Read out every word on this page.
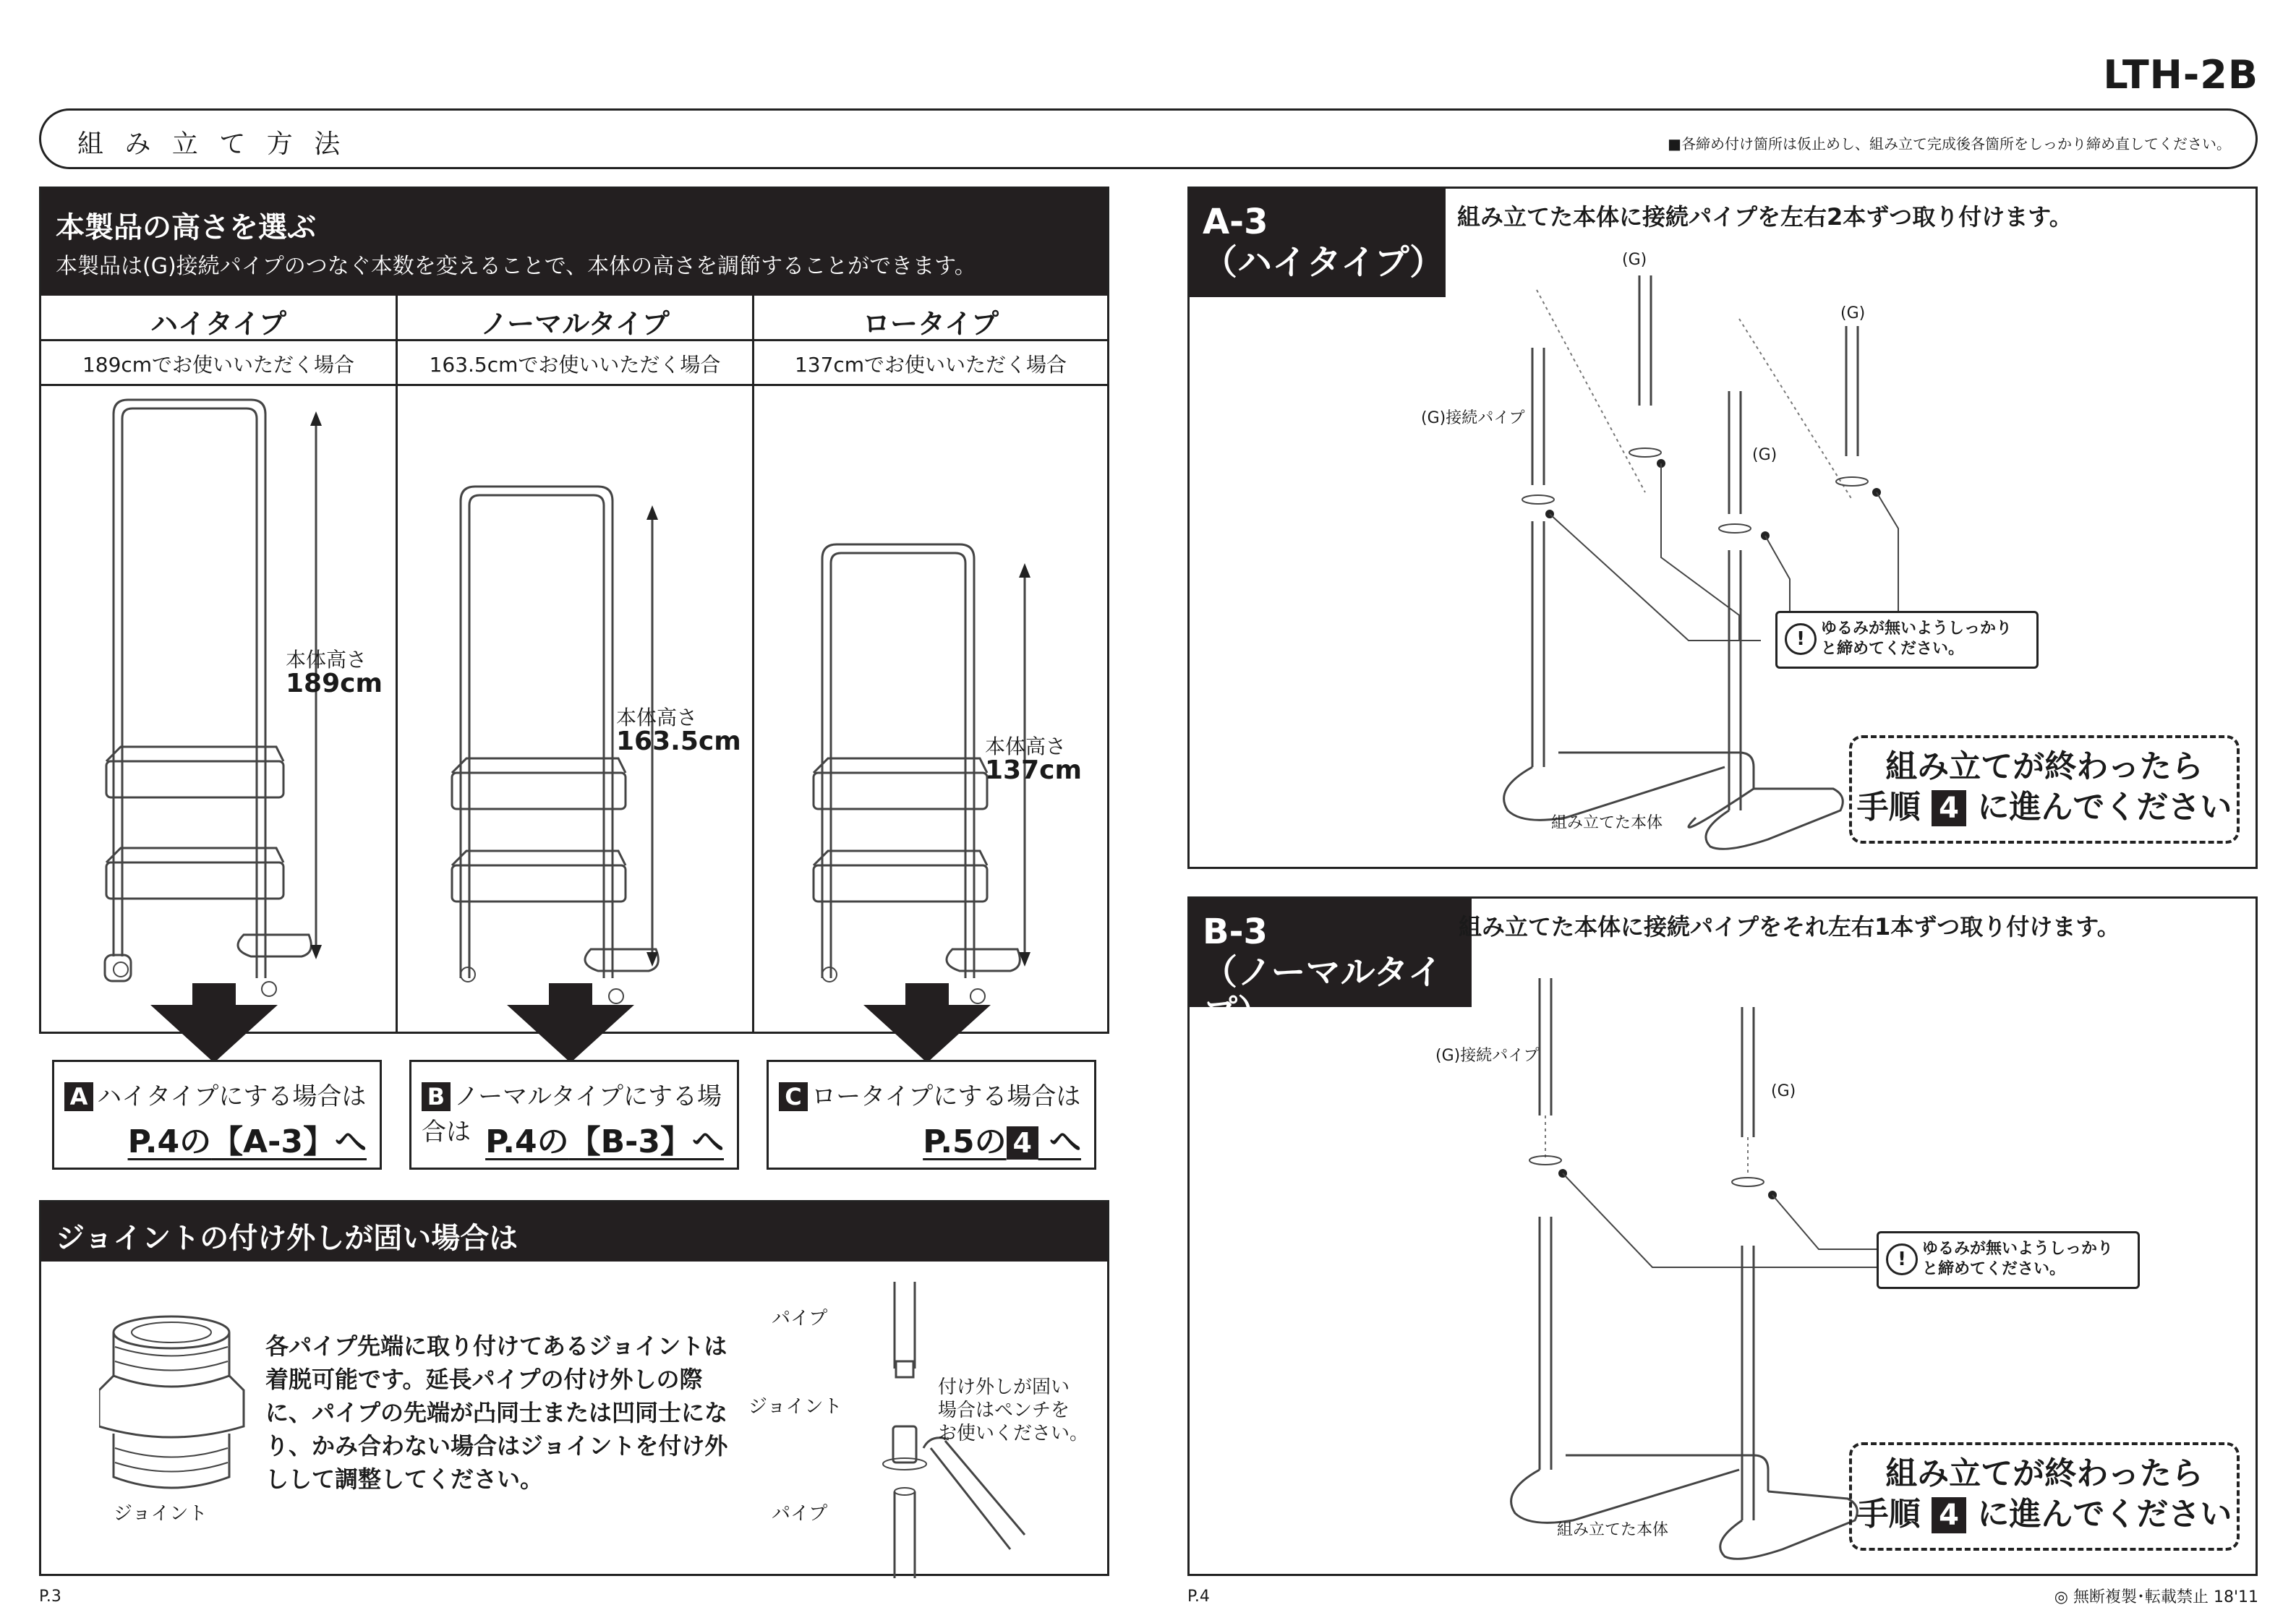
LTH-2B
組 み 立 て 方 法	■各締め付け箇所は仮止めし、組み立て完成後各箇所をしっかり締め直してください。
本製品の高さを選ぶ
本製品は(G)接続パイプのつなぐ本数を変えることで、本体の高さを調節することができます。
ハイタイプ	ノーマルタイプ	ロータイプ
189cmでお使いいただく場合	163.5cmでお使いいただく場合	137cmでお使いいただく場合
本体高さ
189cm
本体高さ
163.5cm	本体高さ
137cm
A ハイタイプにする場合は
P.4の【A-3】へ
B ノーマルタイプにする場合は P.4の【B-3】へ
C ロータイプにする場合は
P.5の 4 へ
ジョイントの付け外しが固い場合は
ジョイント
各パイプ先端に取り付けてあるジョイントは
着脱可能です。延長パイプの付け外しの際
に、パイプの先端が凸同士または凹同士にな
り、かみ合わない場合はジョイントを付け外
しして調整してください。
パイプ
ジョイント
パイプ
付け外しが固い
場合はペンチを
お使いください。
A-3
（ハイタイプ）
組み立てた本体に接続パイプを左右2本ずつ取り付けます。
(G)
(G)
(G)
(G)接続パイプ
!	ゆるみが無いようしっかり
と締めてください。
組み立てた本体
組み立てが終わったら
手順 4 に進んでください
B-3
（ノーマルタイプ）
組み立てた本体に接続パイプをそれ左右1本ずつ取り付けます。
(G)接続パイプ
(G)
!	ゆるみが無いようしっかり
と締めてください。
組み立てた本体
組み立てが終わったら
手順 4 に進んでください
P.3	P.4	◎ 無断複製･転載禁止 18'11
